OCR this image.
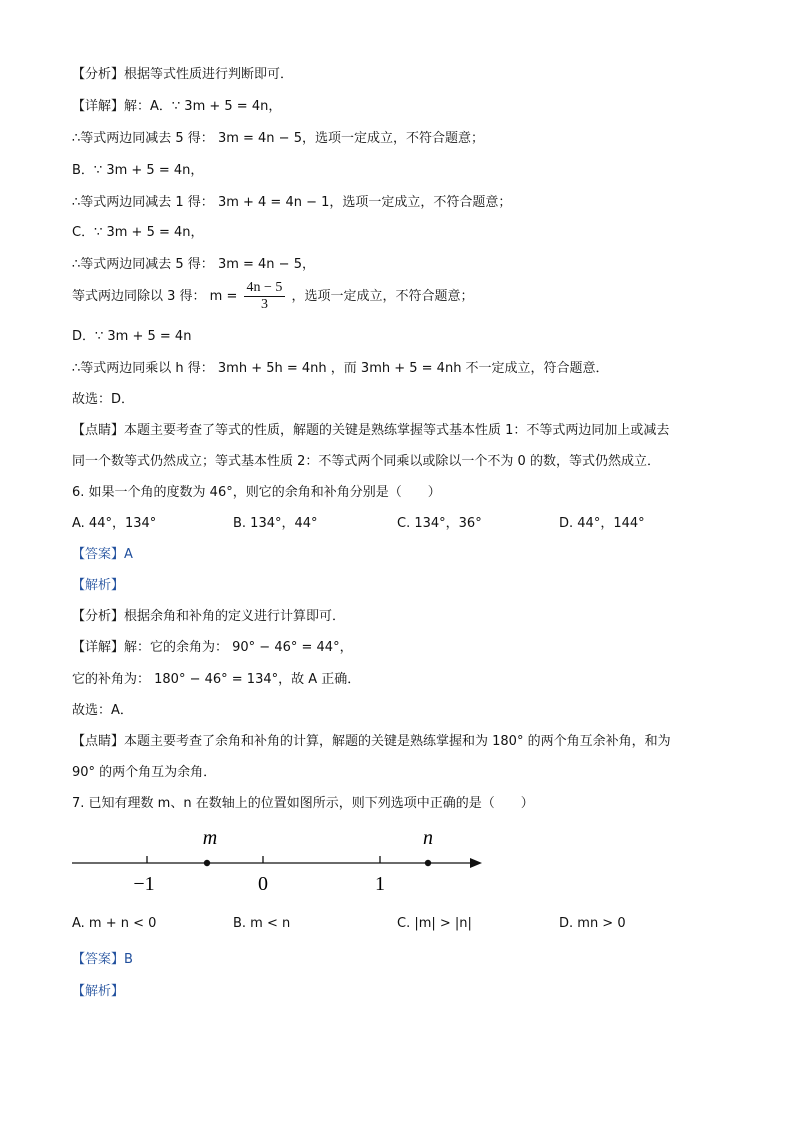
【分析】根据等式性质进行判断即可．
【详解】解：A．∵ 3m + 5 = 4n，
∴等式两边同减去 5 得： 3m = 4n − 5，选项一定成立，不符合题意；
B．∵ 3m + 5 = 4n，
∴等式两边同减去 1 得： 3m + 4 = 4n − 1，选项一定成立，不符合题意；
C．∵ 3m + 5 = 4n，
∴等式两边同减去 5 得： 3m = 4n − 5，
等式两边同除以 3 得： $m = \frac{4n - 5}{3}$ ，选项一定成立，不符合题意；
D．∵ 3m + 5 = 4n
∴等式两边同乘以 h 得： 3mh + 5h = 4nh ，而 3mh + 5 = 4nh 不一定成立，符合题意．
故选：D．
【点睛】本题主要考查了等式的性质，解题的关键是熟练掌握等式基本性质 1：不等式两边同加上或减去
同一个数等式仍然成立；等式基本性质 2：不等式两个同乘以或除以一个不为 0 的数，等式仍然成立．
6. 如果一个角的度数为 46°，则它的余角和补角分别是（　　）
A. 44°，134°	B. 134°，44°	C. 134°，36°	D. 44°，144°
【答案】A
【解析】
【分析】根据余角和补角的定义进行计算即可．
【详解】解：它的余角为： 90° − 46° = 44°，
它的补角为： 180° − 46° = 134°，故 A 正确．
故选：A．
【点睛】本题主要考查了余角和补角的计算，解题的关键是熟练掌握和为 180° 的两个角互余补角，和为
90° 的两个角互为余角．
7. 已知有理数 m、n 在数轴上的位置如图所示，则下列选项中正确的是（　　）
m	n
−1	0	1
A. m + n < 0	B. m < n	C. |m| > |n|	D. mn > 0
【答案】B
【解析】
